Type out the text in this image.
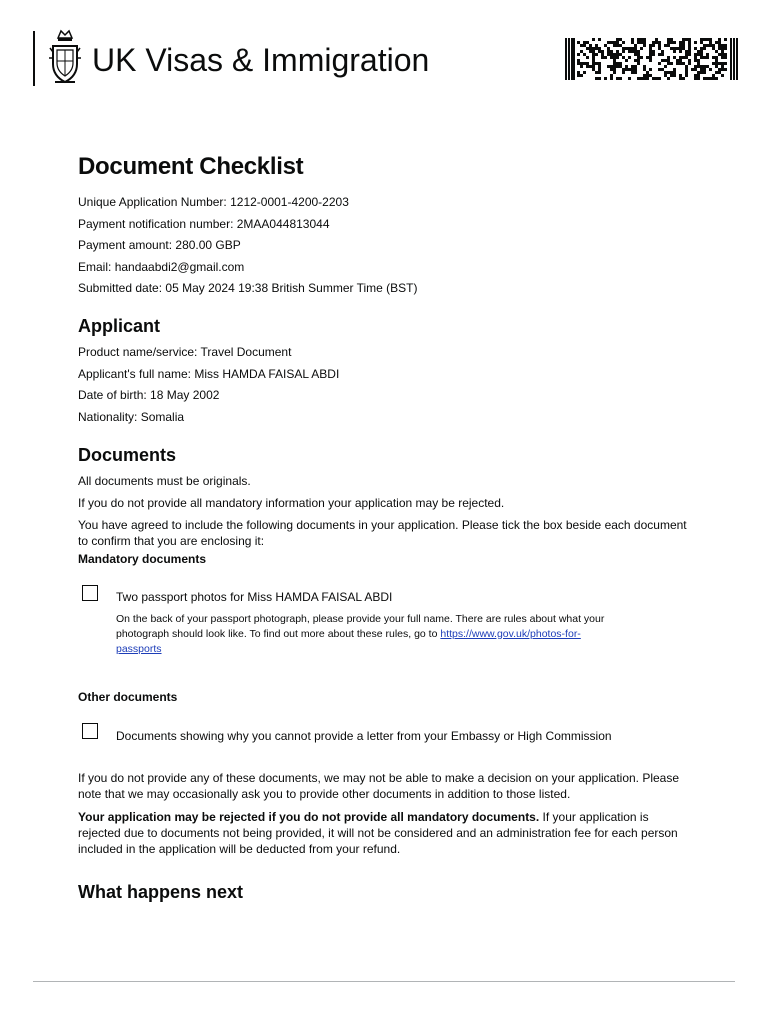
UK Visas & Immigration
Document Checklist
Unique Application Number: 1212-0001-4200-2203
Payment notification number: 2MAA044813044
Payment amount: 280.00 GBP
Email: handaabdi2@gmail.com
Submitted date: 05 May 2024 19:38 British Summer Time (BST)
Applicant
Product name/service: Travel Document
Applicant's full name: Miss HAMDA FAISAL ABDI
Date of birth: 18 May 2002
Nationality: Somalia
Documents
All documents must be originals.
If you do not provide all mandatory information your application may be rejected.
You have agreed to include the following documents in your application. Please tick the box beside each document to confirm that you are enclosing it:
Mandatory documents
Two passport photos for Miss HAMDA FAISAL ABDI
On the back of your passport photograph, please provide your full name. There are rules about what your photograph should look like. To find out more about these rules, go to https://www.gov.uk/photos-for-passports
Other documents
Documents showing why you cannot provide a letter from your Embassy or High Commission
If you do not provide any of these documents, we may not be able to make a decision on your application. Please note that we may occasionally ask you to provide other documents in addition to those listed.
Your application may be rejected if you do not provide all mandatory documents. If your application is rejected due to documents not being provided, it will not be considered and an administration fee for each person included in the application will be deducted from your refund.
What happens next
